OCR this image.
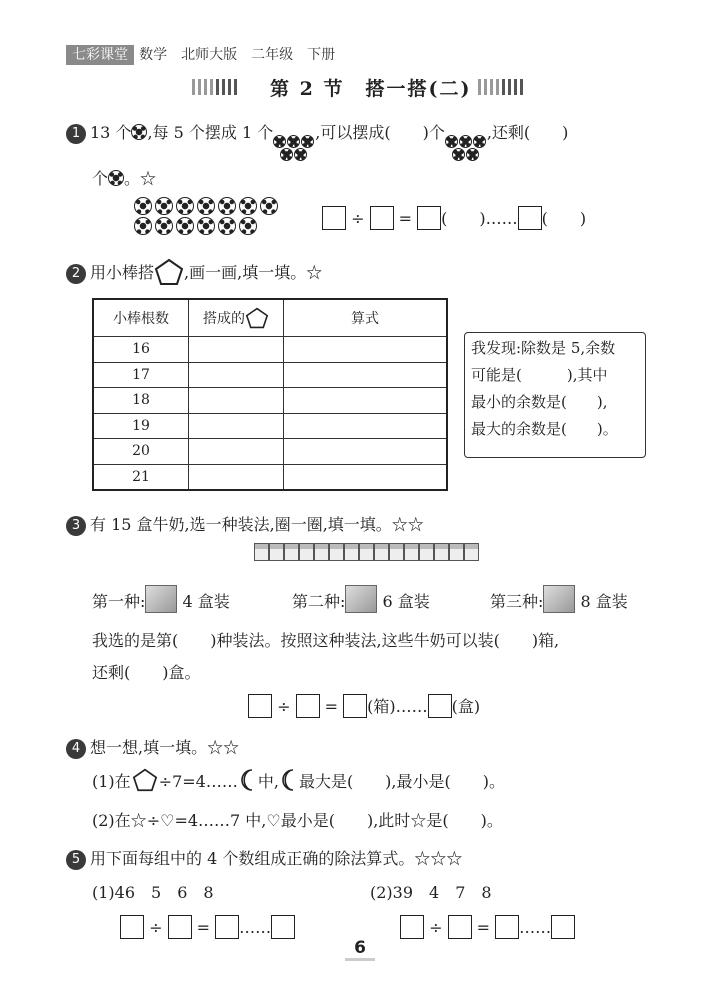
七彩课堂 数学　北师大版　二年级　下册
第 2 节　搭一搭(二)
1 13 个 ,每 5 个摆成 1 个	,可以摆成(　　)个	,还剩(　　)
个 。☆
÷  = (　　)…… (　　)
2 用小棒搭 ,画一画,填一填。☆
小棒根数	搭成的	算式
16		
17		
18		
19		
20		
21		
我发现:除数是 5,余数
可能是(　　　),其中
最小的余数是(　　),
最大的余数是(　　)。
3 有 15 盒牛奶,选一种装法,圈一圈,填一填。☆☆
第一种: 4 盒装	第二种: 6 盒装	第三种: 8 盒装
我选的是第(　　)种装法。按照这种装法,这些牛奶可以装(　　)箱,
还剩(　　)盒。
÷  = (箱)…… (盒)
4 想一想,填一填。☆☆
(1)在 ÷7=4…… 中, 最大是(　　),最小是(　　)。
(2)在☆÷♡=4……7 中,♡最小是(　　),此时☆是(　　)。
5 用下面每组中的 4 个数组成正确的除法算式。☆☆☆
(1)46　5　6　8	(2)39　4　7　8
÷  = ……	÷  = ……
6
